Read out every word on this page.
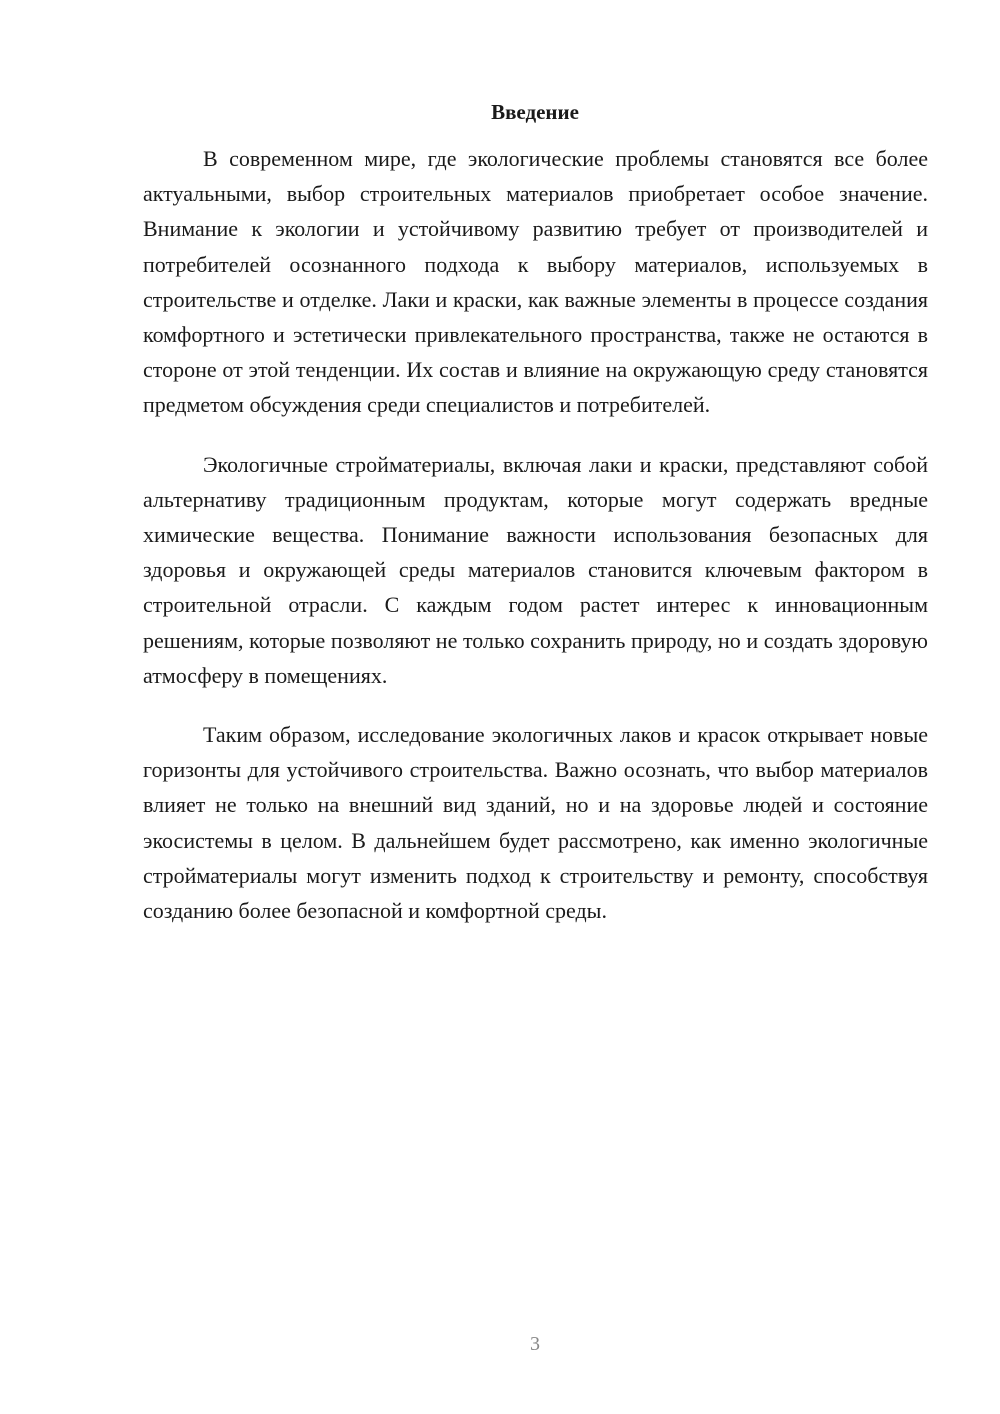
Введение

В современном мире, где экологические проблемы становятся все более актуальными, выбор строительных материалов приобретает особое значение. Внимание к экологии и устойчивому развитию требует от производителей и потребителей осознанного подхода к выбору материалов, используемых в строительстве и отделке. Лаки и краски, как важные элементы в процессе создания комфортного и эстетически привлекательного пространства, также не остаются в стороне от этой тенденции. Их состав и влияние на окружающую среду становятся предметом обсуждения среди специалистов и потребителей.

Экологичные стройматериалы, включая лаки и краски, представляют собой альтернативу традиционным продуктам, которые могут содержать вредные химические вещества. Понимание важности использования безопасных для здоровья и окружающей среды материалов становится ключевым фактором в строительной отрасли. С каждым годом растет интерес к инновационным решениям, которые позволяют не только сохранить природу, но и создать здоровую атмосферу в помещениях.

Таким образом, исследование экологичных лаков и красок открывает новые горизонты для устойчивого строительства. Важно осознать, что выбор материалов влияет не только на внешний вид зданий, но и на здоровье людей и состояние экосистемы в целом. В дальнейшем будет рассмотрено, как именно экологичные стройматериалы могут изменить подход к строительству и ремонту, способствуя созданию более безопасной и комфортной среды.

3
